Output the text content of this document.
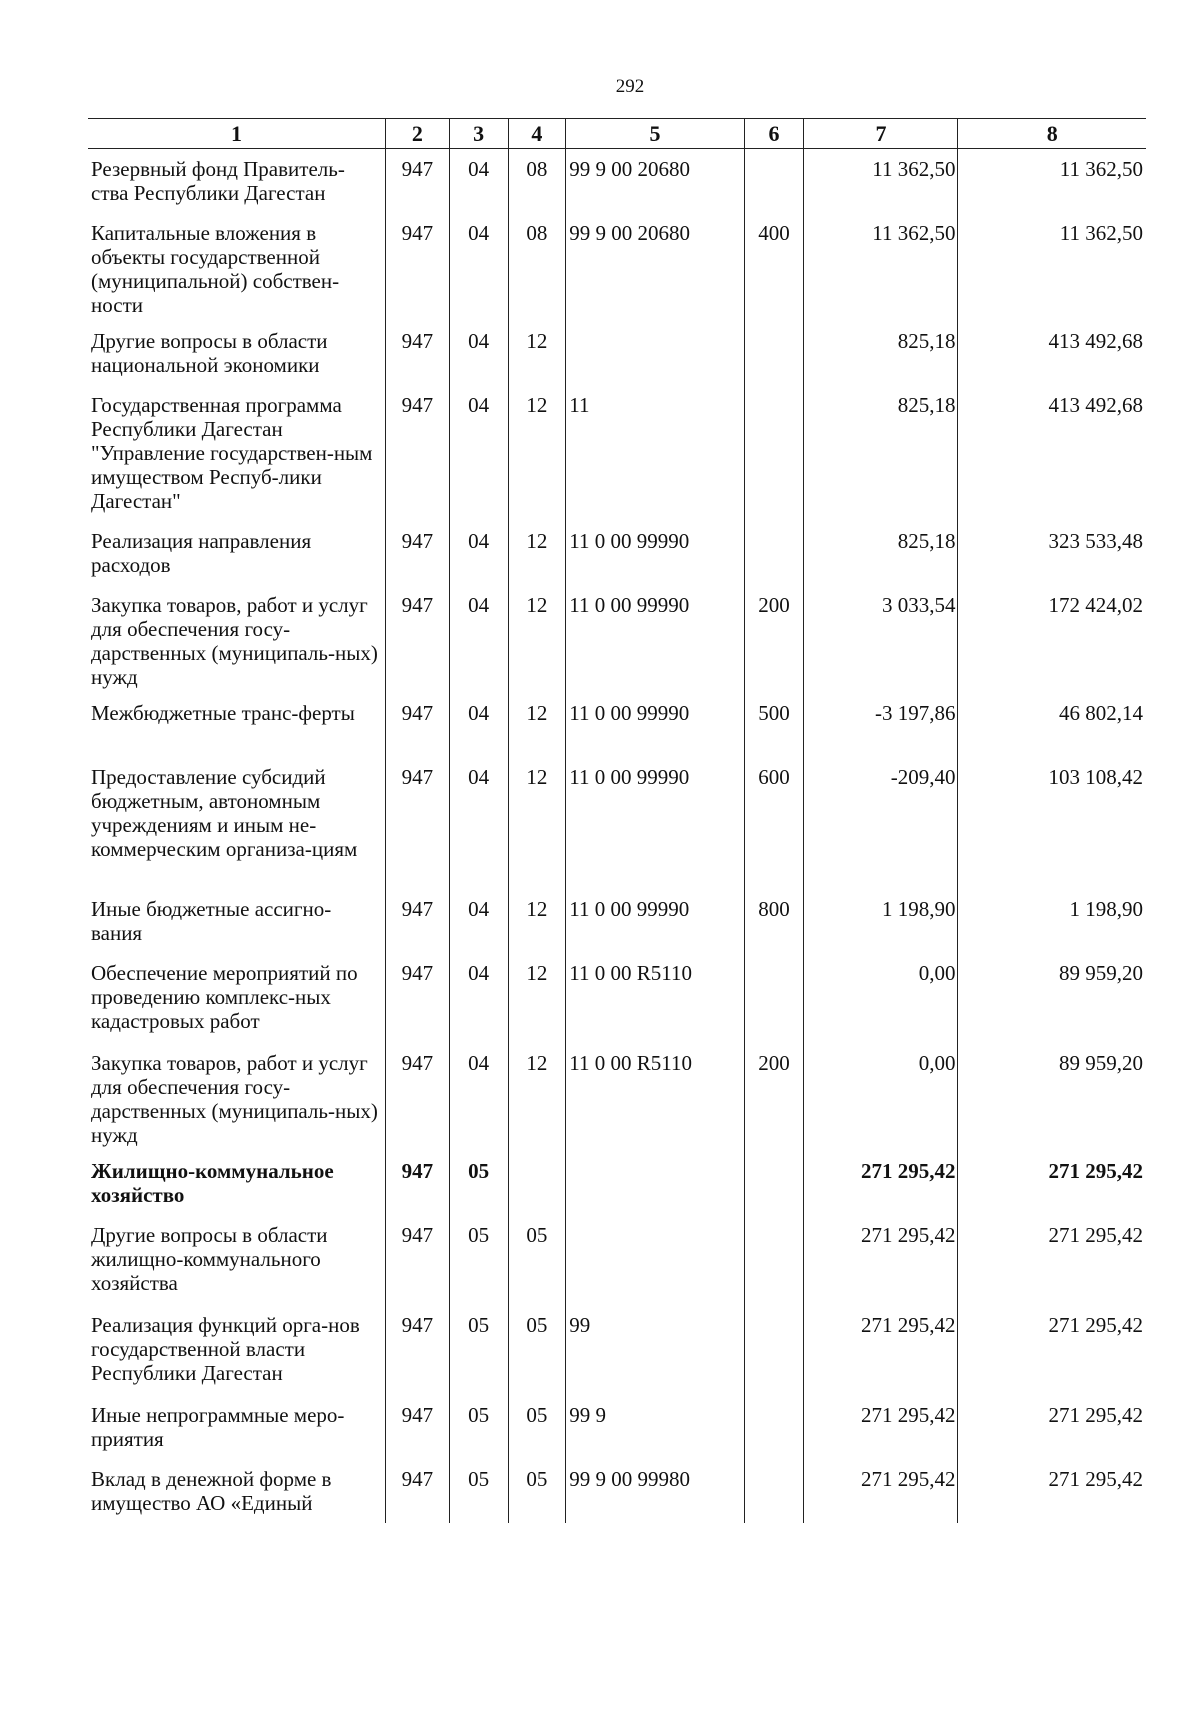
292
1	2	3	4	5	6	7	8
Резервный фонд Правитель-ства Республики Дагестан	947	04	08	99 9 00 20680		11 362,50	11 362,50
Капитальные вложения в объекты государственной (муниципальной) собствен-ности	947	04	08	99 9 00 20680	400	11 362,50	11 362,50
Другие вопросы в области национальной экономики	947	04	12			825,18	413 492,68
Государственная программа Республики Дагестан "Управление государствен-ным имуществом Респуб-лики Дагестан"	947	04	12	11		825,18	413 492,68
Реализация направления расходов	947	04	12	11 0 00 99990		825,18	323 533,48
Закупка товаров, работ и услуг для обеспечения госу-дарственных (муниципаль-ных) нужд	947	04	12	11 0 00 99990	200	3 033,54	172 424,02
Межбюджетные транс-ферты	947	04	12	11 0 00 99990	500	-3 197,86	46 802,14
Предоставление субсидий бюджетным, автономным учреждениям и иным не-коммерческим организа-циям	947	04	12	11 0 00 99990	600	-209,40	103 108,42
Иные бюджетные ассигно-вания	947	04	12	11 0 00 99990	800	1 198,90	1 198,90
Обеспечение мероприятий по проведению комплекс-ных кадастровых работ	947	04	12	11 0 00 R5110		0,00	89 959,20
Закупка товаров, работ и услуг для обеспечения госу-дарственных (муниципаль-ных) нужд	947	04	12	11 0 00 R5110	200	0,00	89 959,20
Жилищно-коммунальное хозяйство	947	05				271 295,42	271 295,42
Другие вопросы в области жилищно-коммунального хозяйства	947	05	05			271 295,42	271 295,42
Реализация функций орга-нов государственной власти Республики Дагестан	947	05	05	99		271 295,42	271 295,42
Иные непрограммные меро-приятия	947	05	05	99 9		271 295,42	271 295,42
Вклад в денежной форме в имущество АО «Единый	947	05	05	99 9 00 99980		271 295,42	271 295,42
